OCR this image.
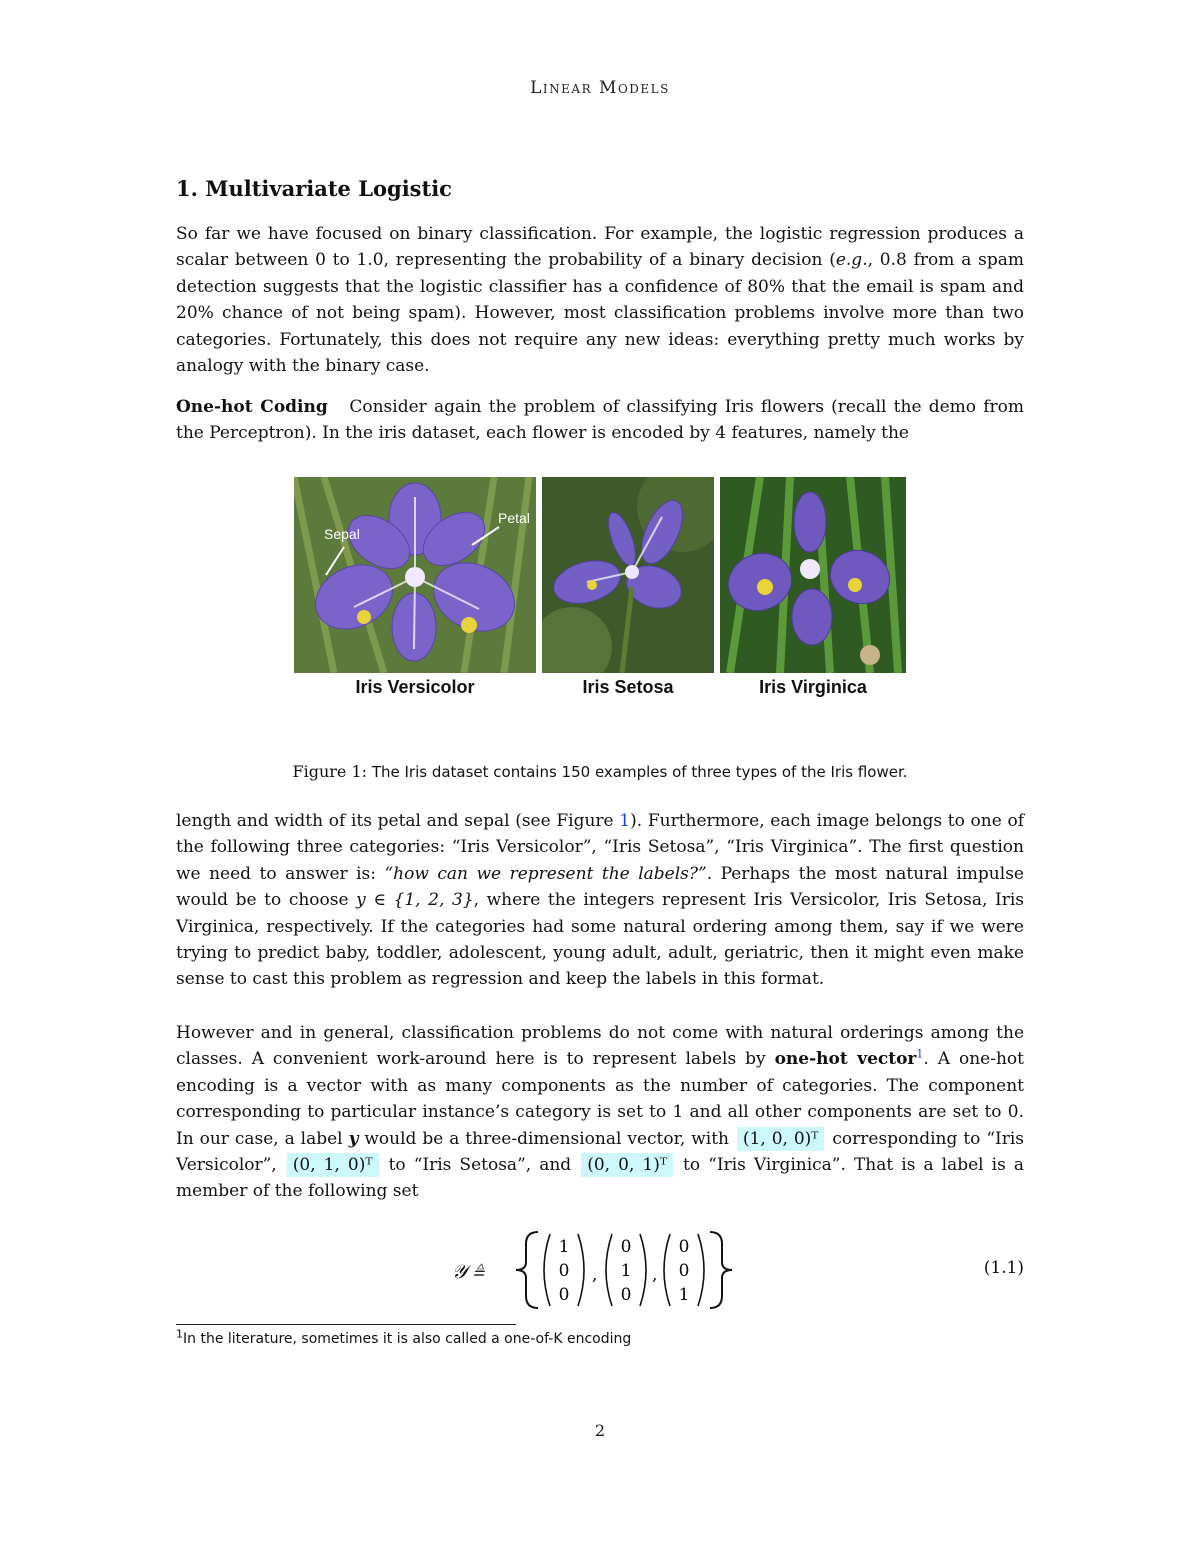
Linear Models
1. Multivariate Logistic
So far we have focused on binary classification. For example, the logistic regression produces a scalar between 0 to 1.0, representing the probability of a binary decision (e.g., 0.8 from a spam detection suggests that the logistic classifier has a confidence of 80% that the email is spam and 20% chance of not being spam). However, most classification problems involve more than two categories. Fortunately, this does not require any new ideas: everything pretty much works by analogy with the binary case.
One-hot Coding Consider again the problem of classifying Iris flowers (recall the demo from the Perceptron). In the iris dataset, each flower is encoded by 4 features, namely the
Sepal
Petal
Iris Versicolor	Iris Setosa	Iris Virginica
Figure 1: The Iris dataset contains 150 examples of three types of the Iris flower.
length and width of its petal and sepal (see Figure 1). Furthermore, each image belongs to one of the following three categories: “Iris Versicolor”, “Iris Setosa”, “Iris Virginica”. The first question we need to answer is: “how can we represent the labels?”. Perhaps the most natural impulse would be to choose y ∈ {1, 2, 3}, where the integers represent Iris Versicolor, Iris Setosa, Iris Virginica, respectively. If the categories had some natural ordering among them, say if we were trying to predict baby, toddler, adolescent, young adult, adult, geriatric, then it might even make sense to cast this problem as regression and keep the labels in this format.
However and in general, classification problems do not come with natural orderings among the classes. A convenient work-around here is to represent labels by one-hot vector$^1$. A one-hot encoding is a vector with as many components as the number of categories. The component corresponding to particular instance’s category is set to 1 and all other components are set to 0. In our case, a label y would be a three-dimensional vector, with (1, 0, 0)ᵀ corresponding to “Iris Versicolor”, (0, 1, 0)ᵀ to “Iris Setosa”, and (0, 0, 1)ᵀ to “Iris Virginica”. That is a label is a member of the following set
𝒴 ≜
1
0
0
,
0
1
0
,
0
0
1
(1.1)
$^1$In the literature, sometimes it is also called a one-of-K encoding
2
